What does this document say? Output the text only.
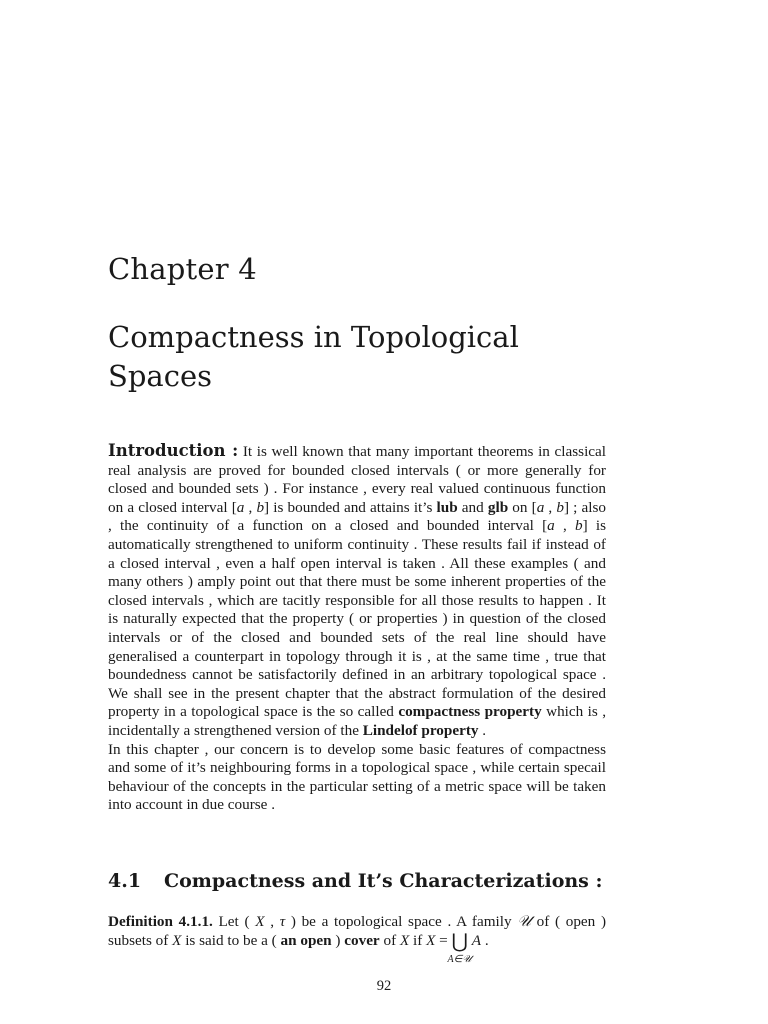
Chapter 4
Compactness in Topological Spaces

Introduction : It is well known that many important theorems in classical real analysis are proved for bounded closed intervals ( or more generally for closed and bounded sets ) . For instance , every real valued continuous function on a closed interval [a , b] is bounded and attains it’s lub and glb on [a , b] ; also , the continuity of a function on a closed and bounded interval [a , b] is automatically strengthened to uniform continuity . These results fail if instead of a closed interval , even a half open interval is taken . All these examples ( and many others ) amply point out that there must be some inherent properties of the closed intervals , which are tacitly responsible for all those results to happen . It is naturally expected that the property ( or properties ) in question of the closed intervals or of the closed and bounded sets of the real line should have generalised a counterpart in topology through it is , at the same time , true that boundedness cannot be satisfactorily defined in an arbitrary topological space . We shall see in the present chapter that the abstract formulation of the desired property in a topological space is the so called compactness property which is , incidentally a strengthened version of the Lindelof property .

In this chapter , our concern is to develop some basic features of compactness and some of it’s neighbouring forms in a topological space , while certain specail behaviour of the concepts in the particular setting of a metric space will be taken into account in due course .

4.1 Compactness and It’s Characterizations :

Definition 4.1.1. Let ( X , τ ) be a topological space . A family 𝒰 of ( open ) subsets of X is said to be a ( an open ) cover of X if X = ⋃
A∈𝒰
A .

92
